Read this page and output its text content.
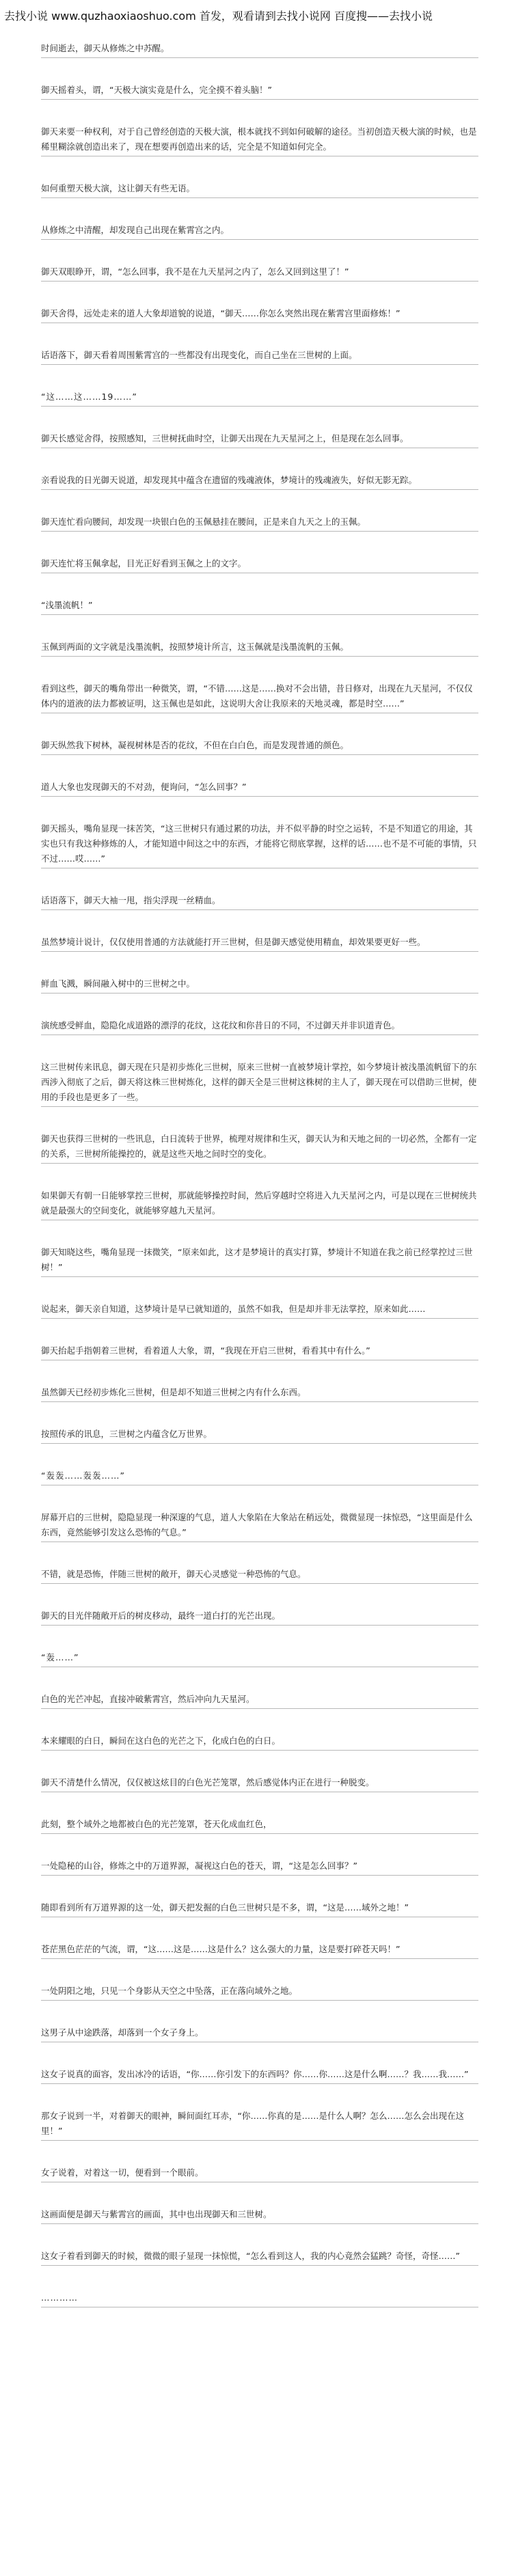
去找小说 www.quzhaoxiaoshuo.com 首发，观看请到去找小说网 百度搜——去找小说

时间逝去，御天从修炼之中苏醒。

御天摇着头，谓，“天极大演实竟是什么，完全摸不着头脑！”

御天来要一种权利，对于自己曾经创造的天极大演，根本就找不到如何破解的途径。当初创造天极大演的时候，也是稀里糊涂就创造出来了，现在想要再创造出来的话，完全是不知道如何完全。

如何重塑天极大演，这让御天有些无语。

从修炼之中清醒，却发现自己出现在紫霄宫之内。

御天双眼睁开，谓，“怎么回事，我不是在九天星河之内了，怎么又回到这里了！”

御天舍得，远处走来的道人大象却道貌的说道，“御天……你怎么突然出现在紫霄宫里面修炼！”

话语落下，御天看着周围紫霄宫的一些都没有出现变化，而自己坐在三世树的上面。

“这……这……19……”

御天长感觉舍得，按照感知，三世树抚曲时空，让御天出现在九天星河之上，但是现在怎么回事。

亲看说我的日光御天说道，却发现其中蕴含在遗留的残魂液体，梦境计的残魂液失，好似无影无踪。

御天连忙看向腰间，却发现一块银白色的玉佩悬挂在腰间，正是来自九天之上的玉佩。

御天连忙将玉佩拿起，目光正好看到玉佩之上的文字。

“浅墨流帆！”

玉佩到两面的文字就是浅墨流帆，按照梦境计所言，这玉佩就是浅墨流帆的玉佩。

看到这些，御天的嘴角带出一种微笑，谓，“不错……这是……换对不会出错，昔日修对，出现在九天星河，不仅仅体内的道液的法力都被证明，这玉佩也是如此，这说明大舍让我原来的天地灵魂，都是时空……”

御天纵然我下树林，凝视树林是否的花纹，不但在白白色，而是发现普通的颜色。

道人大象也发现御天的不对劲，便询问，“怎么回事？”

御天摇头，嘴角显现一抹苦笑，“这三世树只有通过累的功法，并不似平静的时空之运转，不是不知道它的用途，其实也只有我这种修炼的人，才能知道中间这之中的东西，才能将它彻底掌握，这样的话……也不是不可能的事情，只不过……哎……”

话语落下，御天大袖一甩，指尖浮现一丝精血。

虽然梦境计说计，仅仅使用普通的方法就能打开三世树，但是御天感觉使用精血，却效果要更好一些。

鲜血飞溅，瞬间融入树中的三世树之中。

演统感受鲜血，隐隐化成道路的漂浮的花纹，这花纹和你昔日的不同，不过御天并非识道青色。

这三世树传来讯息，御天现在只是初步炼化三世树，原来三世树一直被梦境计掌控，如今梦境计被浅墨流帆留下的东西涉入彻底了之后，御天将这株三世树炼化，这样的御天全是三世树这株树的主人了，御天现在可以借助三世树，使用的手段也是更多了一些。

御天也获得三世树的一些讯息，白日流转于世界，梳理对规律和生灭，御天认为和天地之间的一切必然，全都有一定的关系，三世树所能操控的，就是这些天地之间时空的变化。

如果御天有朝一日能够掌控三世树，那就能够操控时间，然后穿越时空将进入九天星河之内，可是以现在三世树统共就是最强大的空间变化，就能够穿越九天星河。

御天知晓这些，嘴角显现一抹微笑，“原来如此，这才是梦境计的真实打算，梦境计不知道在我之前已经掌控过三世树！”

说起来，御天亲自知道，这梦境计是早已就知道的，虽然不如我，但是却并非无法掌控，原来如此……

御天抬起手指朝着三世树，看着道人大象，谓，“我现在开启三世树，看看其中有什么。”

虽然御天已经初步炼化三世树，但是却不知道三世树之内有什么东西。

按照传承的讯息，三世树之内蕴含亿万世界。

“轰轰……轰轰……”

屏幕开启的三世树，隐隐显现一种深邃的气息，道人大象陷在大象站在稍远处，微微显现一抹惊恐，“这里面是什么东西，竟然能够引发这么恐怖的气息。”

不错，就是恐怖，伴随三世树的敞开，御天心灵感觉一种恐怖的气息。

御天的目光伴随敞开后的树皮移动，最终一道白打的光芒出现。

“轰……”

白色的光芒冲起，直接冲破紫霄宫，然后冲向九天星河。

本来耀眼的白日，瞬间在这白色的光芒之下，化成白色的白日。

御天不清楚什么情况，仅仅被这炫目的白色光芒笼罩，然后感觉体内正在进行一种脱变。

此刻，整个域外之地都被白色的光芒笼罩，苍天化成血红色，

一处隐秘的山谷，修炼之中的万道界源，凝视这白色的苍天，谓，“这是怎么回事？”

随即看到所有万道界源的这一处，御天把发掘的白色三世树只是不多，谓，“这是……域外之地！”

苍茫黑色茫茫的气流，谓，“这……这是……这是什么？这么强大的力量，这是要打碎苍天吗！”

一处阴阳之地，只见一个身影从天空之中坠落，正在落向域外之地。

这男子从中途跌落，却落到一个女子身上。

这女子说真的面容，发出冰冷的话语，“你……你引发下的东西吗？你……你……这是什么啊……？我……我……”

那女子说到一半，对着御天的眼神，瞬间面红耳赤，“你……你真的是……是什么人啊？怎么……怎么会出现在这里！”

女子说着，对着这一切，便看到一个眼前。

这画面便是御天与紫霄宫的画面，其中也出现御天和三世树。

这女子着看到御天的时候，微微的眼子显现一抹惊慌，“怎么看到这人，我的内心竟然会猛跳？奇怪，奇怪……”

…………
